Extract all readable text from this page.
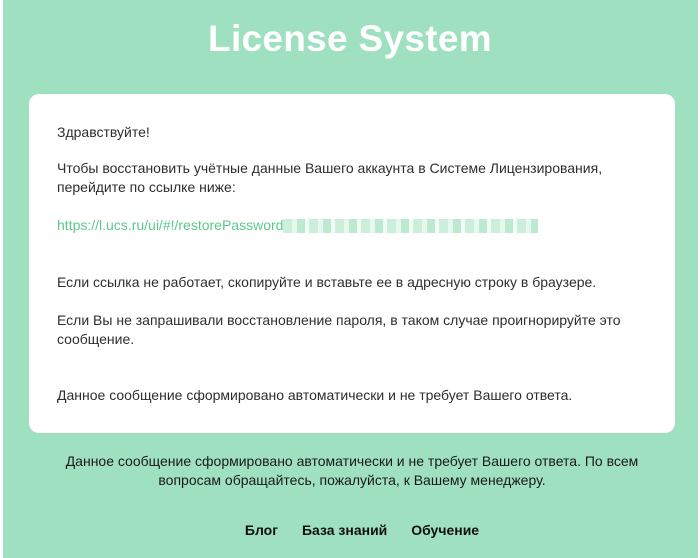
License System

Здравствуйте!

Чтобы восстановить учётные данные Вашего аккаунта в Системе Лицензирования, перейдите по ссылке ниже:

https://l.ucs.ru/ui/#!/restorePassword

Если ссылка не работает, скопируйте и вставьте ее в адресную строку в браузере.

Если Вы не запрашивали восстановление пароля, в таком случае проигнорируйте это сообщение.

Данное сообщение сформировано автоматически и не требует Вашего ответа.

Данное сообщение сформировано автоматически и не требует Вашего ответа. По всем вопросам обращайтесь, пожалуйста, к Вашему менеджеру.
Блог База знаний Обучение
